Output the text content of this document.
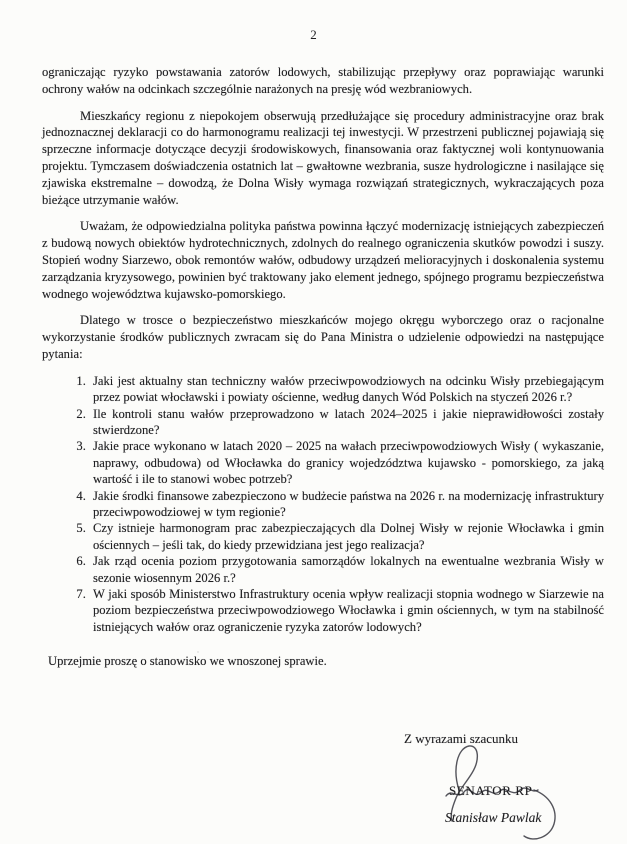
2

ograniczając ryzyko powstawania zatorów lodowych, stabilizując przepływy oraz poprawiając warunki ochrony wałów na odcinkach szczególnie narażonych na presję wód wezbraniowych.

Mieszkańcy regionu z niepokojem obserwują przedłużające się procedury administracyjne oraz brak jednoznacznej deklaracji co do harmonogramu realizacji tej inwestycji. W przestrzeni publicznej pojawiają się sprzeczne informacje dotyczące decyzji środowiskowych, finansowania oraz faktycznej woli kontynuowania projektu. Tymczasem doświadczenia ostatnich lat – gwałtowne wezbrania, susze hydrologiczne i nasilające się zjawiska ekstremalne – dowodzą, że Dolna Wisły wymaga rozwiązań strategicznych, wykraczających poza bieżące utrzymanie wałów.

Uważam, że odpowiedzialna polityka państwa powinna łączyć modernizację istniejących zabezpieczeń z budową nowych obiektów hydrotechnicznych, zdolnych do realnego ograniczenia skutków powodzi i suszy. Stopień wodny Siarzewo, obok remontów wałów, odbudowy urządzeń melioracyjnych i doskonalenia systemu zarządzania kryzysowego, powinien być traktowany jako element jednego, spójnego programu bezpieczeństwa wodnego województwa kujawsko-pomorskiego.

Dlatego w trosce o bezpieczeństwo mieszkańców mojego okręgu wyborczego oraz o racjonalne wykorzystanie środków publicznych zwracam się do Pana Ministra o udzielenie odpowiedzi na następujące pytania:

1. Jaki jest aktualny stan techniczny wałów przeciwpowodziowych na odcinku Wisły przebiegającym przez powiat włocławski i powiaty ościenne, według danych Wód Polskich na styczeń 2026 r.?
2. Ile kontroli stanu wałów przeprowadzono w latach 2024–2025 i jakie nieprawidłowości zostały stwierdzone?
3. Jakie prace wykonano w latach 2020 – 2025 na wałach przeciwpowodziowych Wisły ( wykaszanie, naprawy, odbudowa) od Włocławka do granicy wojedzództwa kujawsko - pomorskiego, za jaką wartość i ile to stanowi wobec potrzeb?
4. Jakie środki finansowe zabezpieczono w budżecie państwa na 2026 r. na modernizację infrastruktury przeciwpowodziowej w tym regionie?
5. Czy istnieje harmonogram prac zabezpieczających dla Dolnej Wisły w rejonie Włocławka i gmin ościennych – jeśli tak, do kiedy przewidziana jest jego realizacja?
6. Jak rząd ocenia poziom przygotowania samorządów lokalnych na ewentualne wezbrania Wisły w sezonie wiosennym 2026 r.?
7. W jaki sposób Ministerstwo Infrastruktury ocenia wpływ realizacji stopnia wodnego w Siarzewie na poziom bezpieczeństwa przeciwpowodziowego Włocławka i gmin ościennych, w tym na stabilność istniejących wałów oraz ograniczenie ryzyka zatorów lodowych?

Uprzejmie proszę o stanowisko we wnoszonej sprawie.

Z wyrazami szacunku
SENATOR RP
Stanisław Pawlak
